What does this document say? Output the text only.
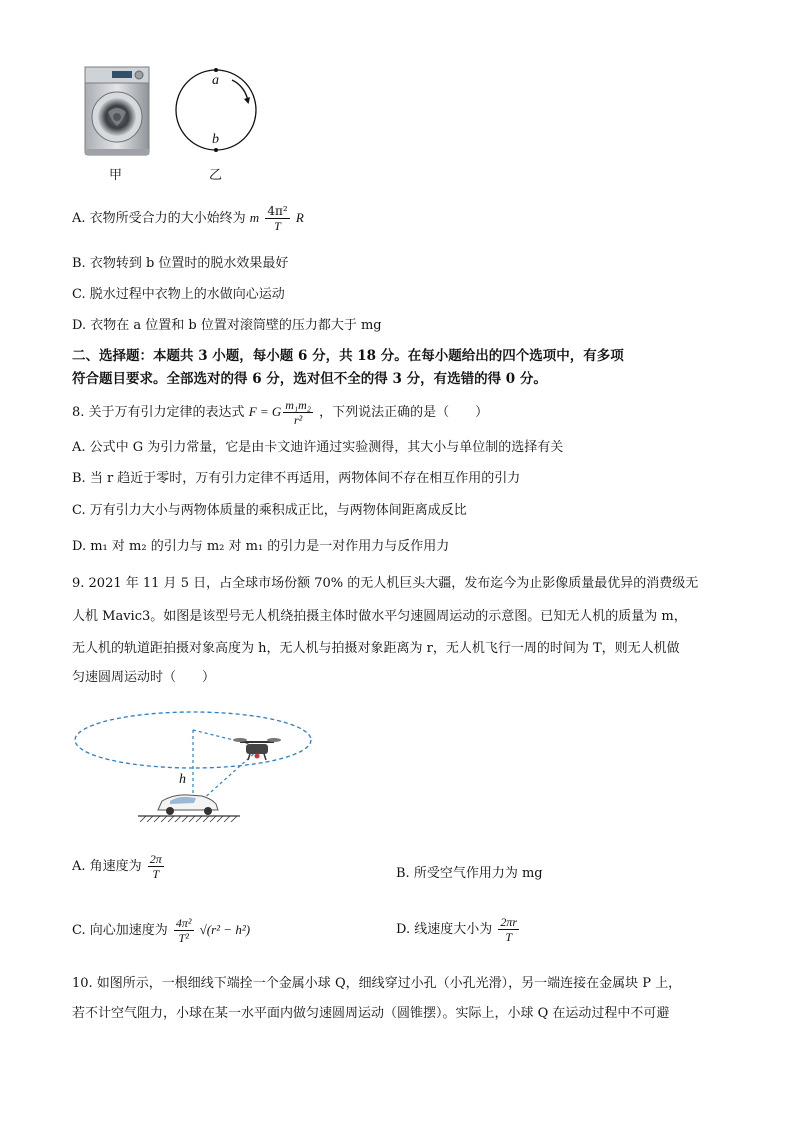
a
b
甲	乙
A. 衣物所受合力的大小始终为 m $\frac{\text{4π²}}{T}$ R
B. 衣物转到 b 位置时的脱水效果最好
C. 脱水过程中衣物上的水做向心运动
D. 衣物在 a 位置和 b 位置对滚筒壁的压力都大于 mg
二、选择题：本题共 3 小题，每小题 6 分，共 18 分。在每小题给出的四个选项中，有多项
符合题目要求。全部选对的得 6 分，选对但不全的得 3 分，有选错的得 0 分。
8. 关于万有引力定律的表达式 F = G $\frac{\text{m₁m₂}}{\text{r²}}$ ，下列说法正确的是（　　）
A. 公式中 G 为引力常量，它是由卡文迪许通过实验测得，其大小与单位制的选择有关
B. 当 r 趋近于零时，万有引力定律不再适用，两物体间不存在相互作用的引力
C. 万有引力大小与两物体质量的乘积成正比，与两物体间距离成反比
D. m₁ 对 m₂ 的引力与 m₂ 对 m₁ 的引力是一对作用力与反作用力
9. 2021 年 11 月 5 日，占全球市场份额 70% 的无人机巨头大疆，发布迄今为止影像质量最优异的消费级无
人机 Mavic3。如图是该型号无人机绕拍摄主体时做水平匀速圆周运动的示意图。已知无人机的质量为 m，
无人机的轨道距拍摄对象高度为 h，无人机与拍摄对象距离为 r，无人机飞行一周的时间为 T，则无人机做
匀速圆周运动时（　　）
h
A. 角速度为 $\frac{2\pi}{T}$	B. 所受空气作用力为 mg
C. 向心加速度为 $\frac{\text{4π²}}{\text{T²}} √(r^2 - h^2)$	D. 线速度大小为 $\frac{2\pi r}{T}$
10. 如图所示，一根细线下端拴一个金属小球 Q，细线穿过小孔（小孔光滑），另一端连接在金属块 P 上，
若不计空气阻力，小球在某一水平面内做匀速圆周运动（圆锥摆）。实际上，小球 Q 在运动过程中不可避
